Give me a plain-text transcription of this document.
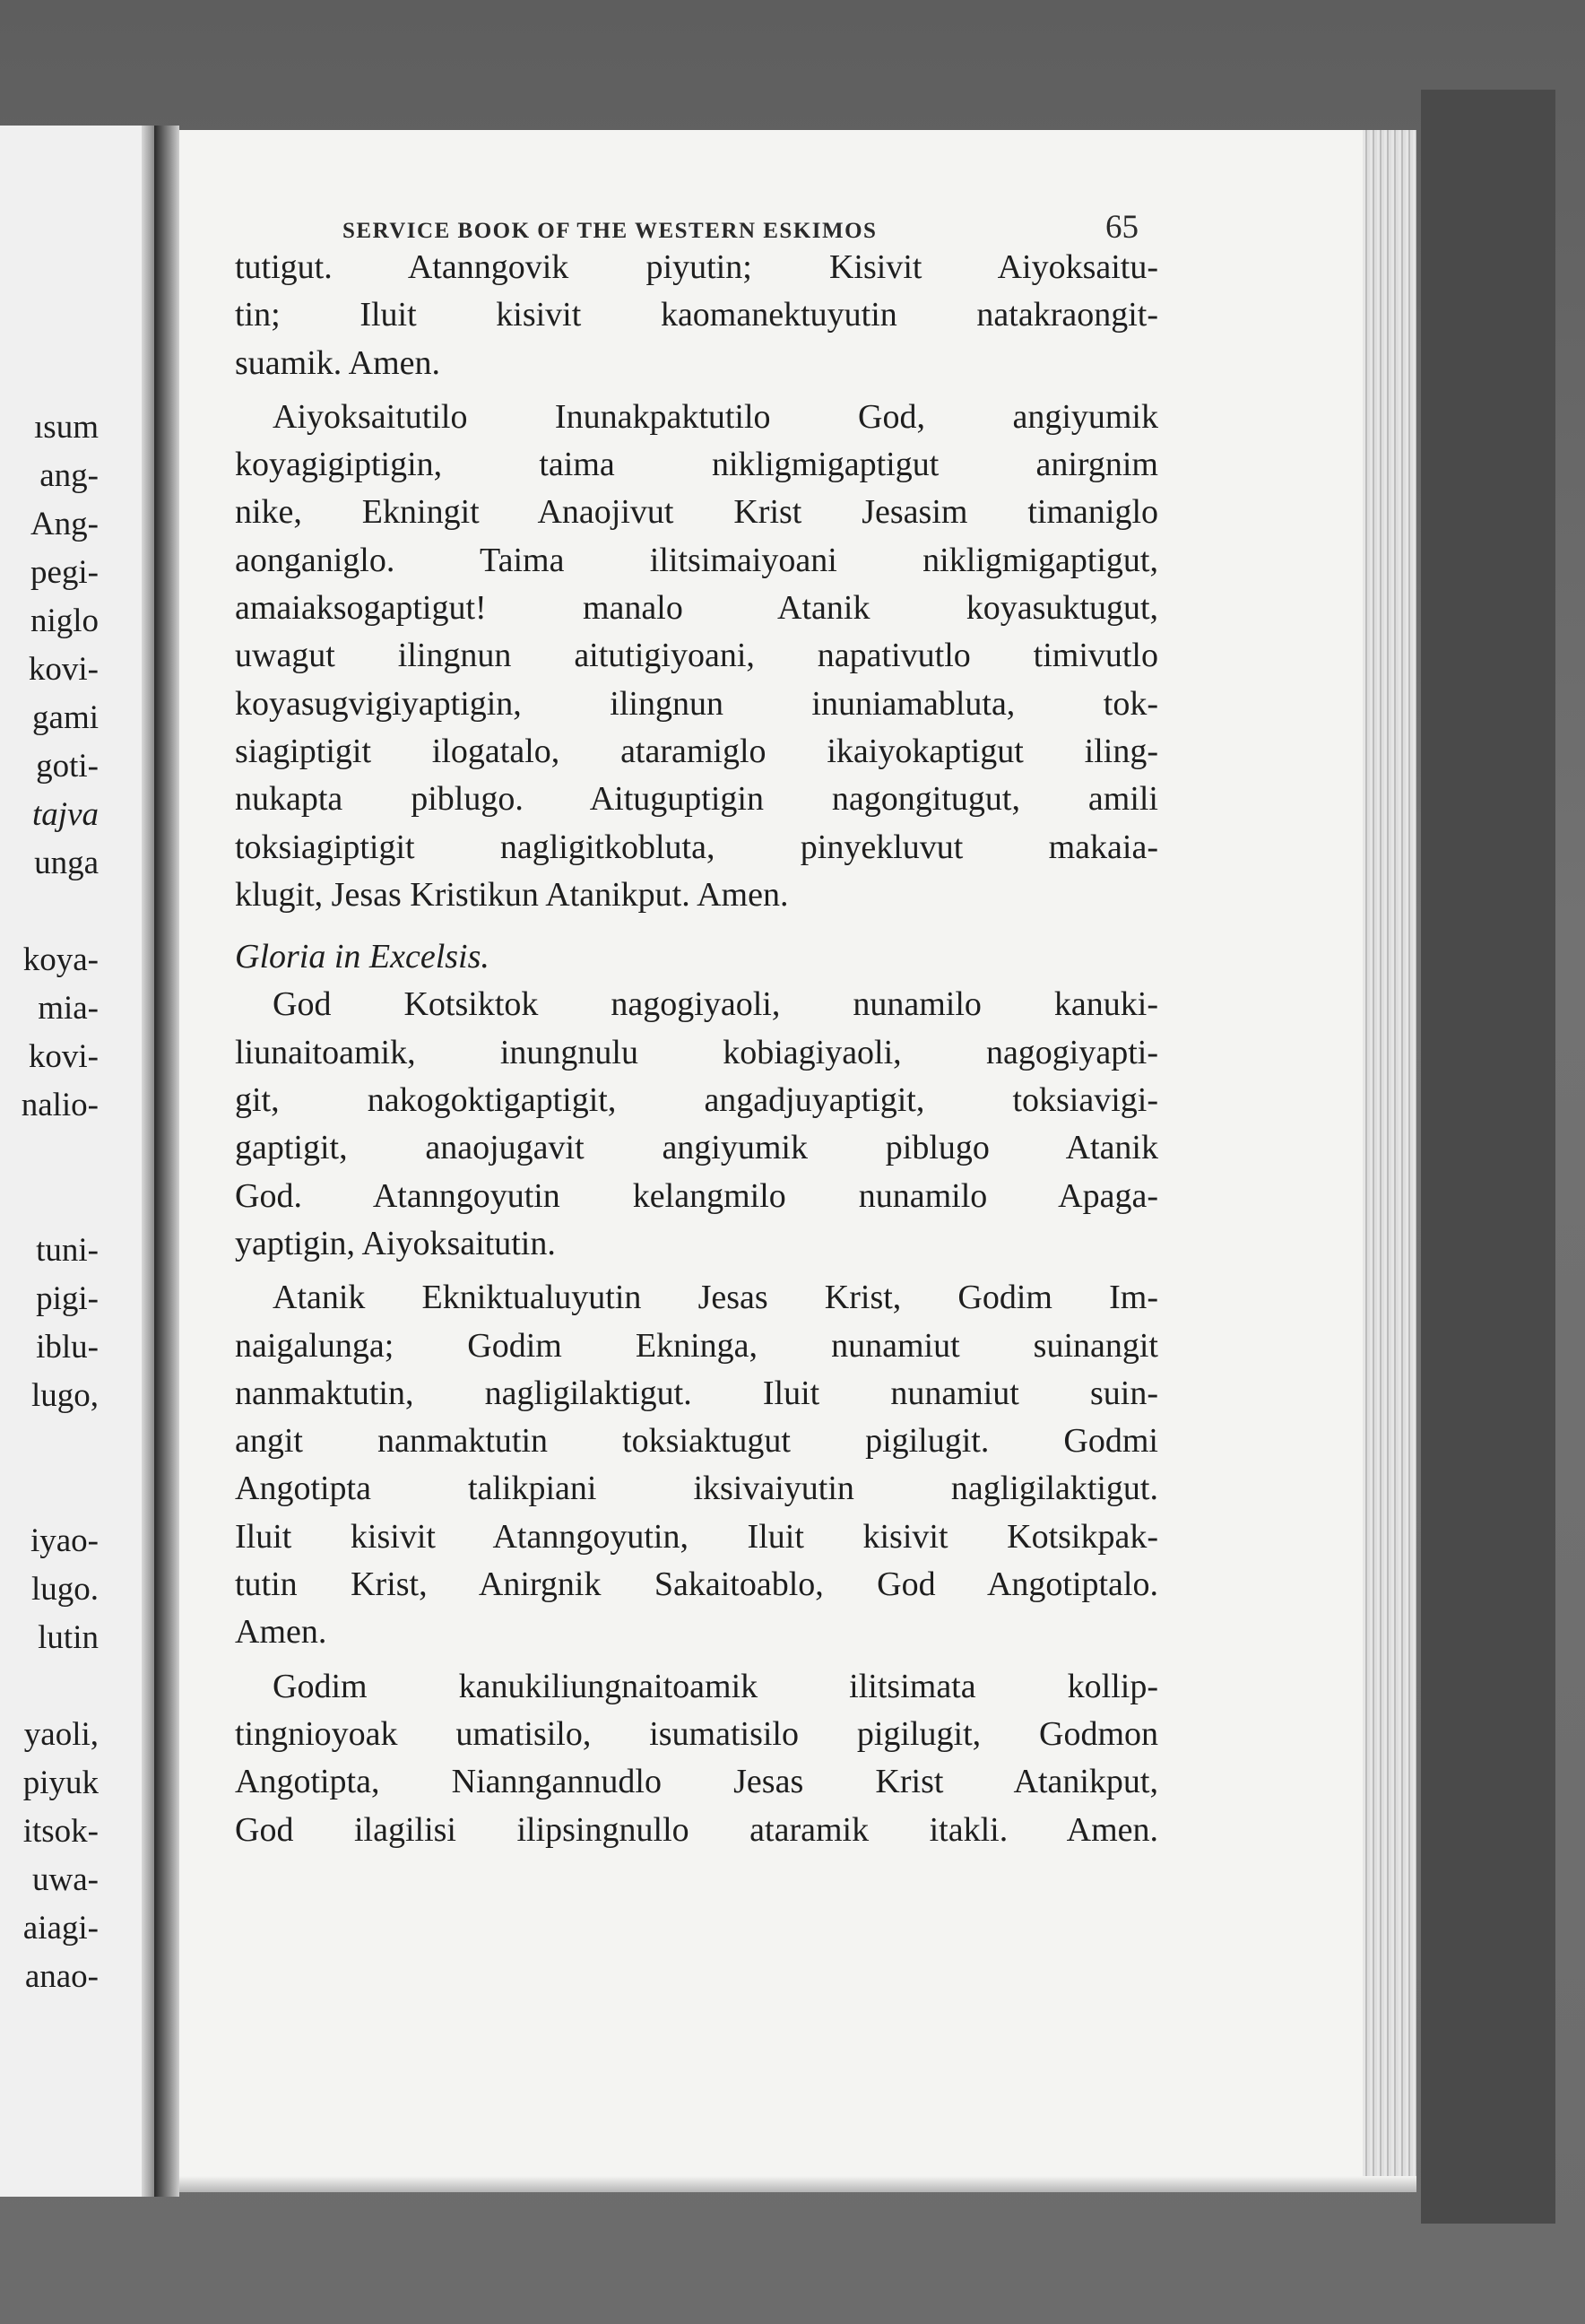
ısum
ang-
Ang-
pegi-
niglo
kovi-
gami
goti-
tajva
unga
koya-
mia-
kovi-
nalio-
tuni-
pigi-
iblu-
lugo,
iyao-
lugo.
lutin
yaoli,
piyuk
itsok-
uwa-
aiagi-
anao-
SERVICE BOOK OF THE WESTERN ESKIMOS	65
tutigut. Atanngovik piyutin; Kisivit Aiyoksaitu-
tin; Iluit kisivit kaomanektuyutin natakraongit-
suamik. Amen.
Aiyoksaitutilo Inunakpaktutilo God, angiyumik
koyagigiptigin, taima nikligmigaptigut anirgnim
nike, Ekningit Anaojivut Krist Jesasim timaniglo
aonganiglo. Taima ilitsimaiyoani nikligmigaptigut,
amaiaksogaptigut! manalo Atanik koyasuktugut,
uwagut ilingnun aitutigiyoani, napativutlo timivutlo
koyasugvigiyaptigin, ilingnun inuniamabluta, tok-
siagiptigit ilogatalo, ataramiglo ikaiyokaptigut iling-
nukapta piblugo. Aituguptigin nagongitugut, amili
toksiagiptigit nagligitkobluta, pinyekluvut makaia-
klugit, Jesas Kristikun Atanikput. Amen.
Gloria in Excelsis.
God Kotsiktok nagogiyaoli, nunamilo kanuki-
liunaitoamik, inungnulu kobiagiyaoli, nagogiyapti-
git, nakogoktigaptigit, angadjuyaptigit, toksiavigi-
gaptigit, anaojugavit angiyumik piblugo Atanik
God. Atanngoyutin kelangmilo nunamilo Apaga-
yaptigin, Aiyoksaitutin.
Atanik Ekniktualuyutin Jesas Krist, Godim Im-
naigalunga; Godim Ekninga, nunamiut suinangit
nanmaktutin, nagligilaktigut. Iluit nunamiut suin-
angit nanmaktutin toksiaktugut pigilugit. Godmi
Angotipta talikpiani iksivaiyutin nagligilaktigut.
Iluit kisivit Atanngoyutin, Iluit kisivit Kotsikpak-
tutin Krist, Anirgnik Sakaitoablo, God Angotiptalo.
Amen.
Godim kanukiliungnaitoamik ilitsimata kollip-
tingnioyoak umatisilo, isumatisilo pigilugit, Godmon
Angotipta, Nianngannudlo Jesas Krist Atanikput,
God ilagilisi ilipsingnullo ataramik itakli. Amen.
